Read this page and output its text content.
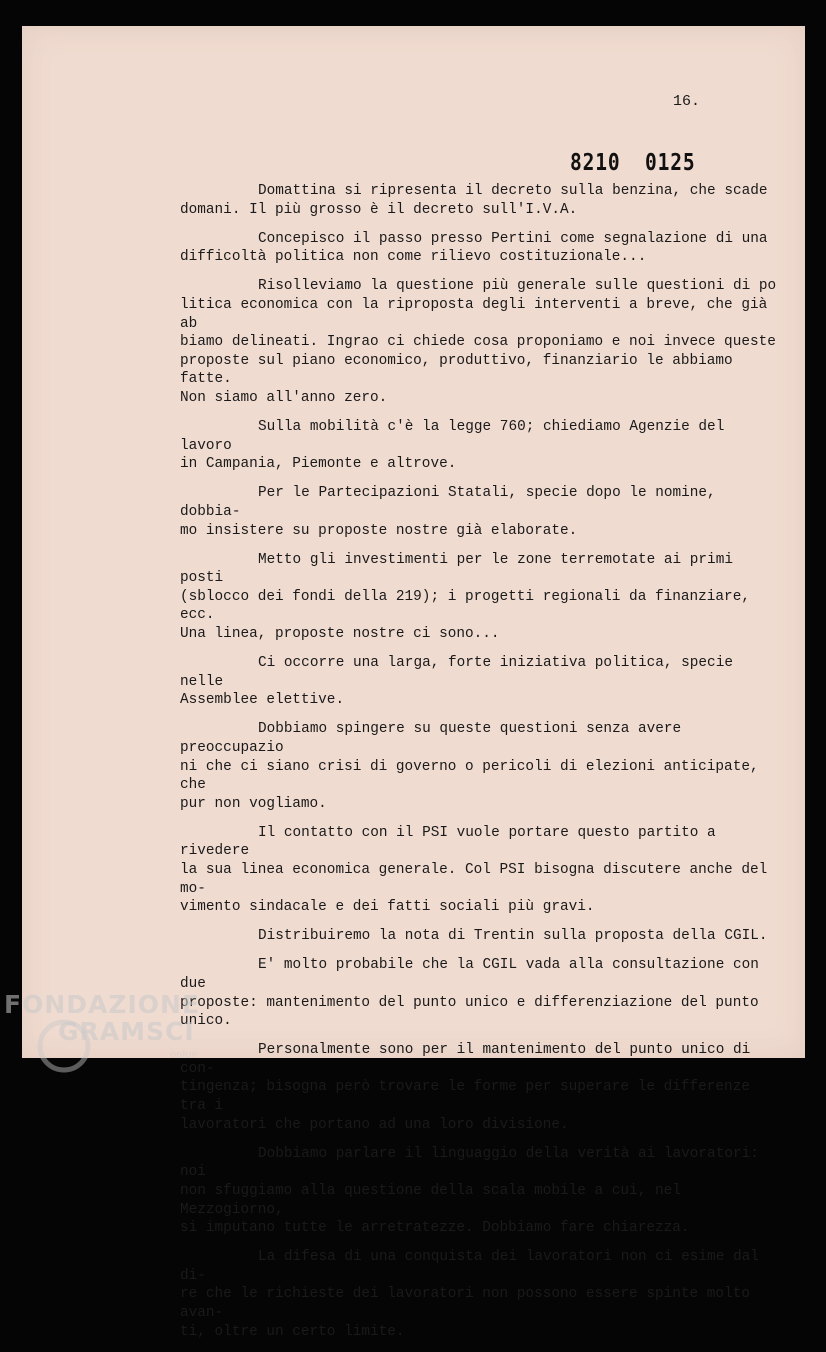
16.
8210 0125

Domattina si ripresenta il decreto sulla benzina, che scade
domani. Il più grosso è il decreto sull'I.V.A.

Concepisco il passo presso Pertini come segnalazione di una
difficoltà politica non come rilievo costituzionale...

Risolleviamo la questione più generale sulle questioni di po
litica economica con la riproposta degli interventi a breve, che già ab
biamo delineati. Ingrao ci chiede cosa proponiamo e noi invece queste
proposte sul piano economico, produttivo, finanziario le abbiamo fatte.
Non siamo all'anno zero.

Sulla mobilità c'è la legge 760; chiediamo Agenzie del lavoro
in Campania, Piemonte e altrove.

Per le Partecipazioni Statali, specie dopo le nomine, dobbia-
mo insistere su proposte nostre già elaborate.

Metto gli investimenti per le zone terremotate ai primi posti
(sblocco dei fondi della 219); i progetti regionali da finanziare, ecc.
Una linea, proposte nostre ci sono...

Ci occorre una larga, forte iniziativa politica, specie nelle
Assemblee elettive.

Dobbiamo spingere su queste questioni senza avere preoccupazio
ni che ci siano crisi di governo o pericoli di elezioni anticipate, che
pur non vogliamo.

Il contatto con il PSI vuole portare questo partito a rivedere
la sua linea economica generale. Col PSI bisogna discutere anche del mo-
vimento sindacale e dei fatti sociali più gravi.

Distribuiremo la nota di Trentin sulla proposta della CGIL.

E' molto probabile che la CGIL vada alla consultazione con due
proposte: mantenimento del punto unico e differenziazione del punto unico.

Personalmente sono per il mantenimento del punto unico di con-
tingenza; bisogna però trovare le forme per superare le differenze tra i
lavoratori che portano ad una loro divisione.

Dobbiamo parlare il linguaggio della verità ai lavoratori: noi
non sfuggiamo alla questione della scala mobile a cui, nel Mezzogiorno,
si imputano tutte le arretratezze. Dobbiamo fare chiarezza.

La difesa di una conquista dei lavoratori non ci esime dal di-
re che le richieste dei lavoratori non possono essere spinte molto avan-
ti, oltre un certo limite.

FONDAZIONE
GRAMSCI
onlus
